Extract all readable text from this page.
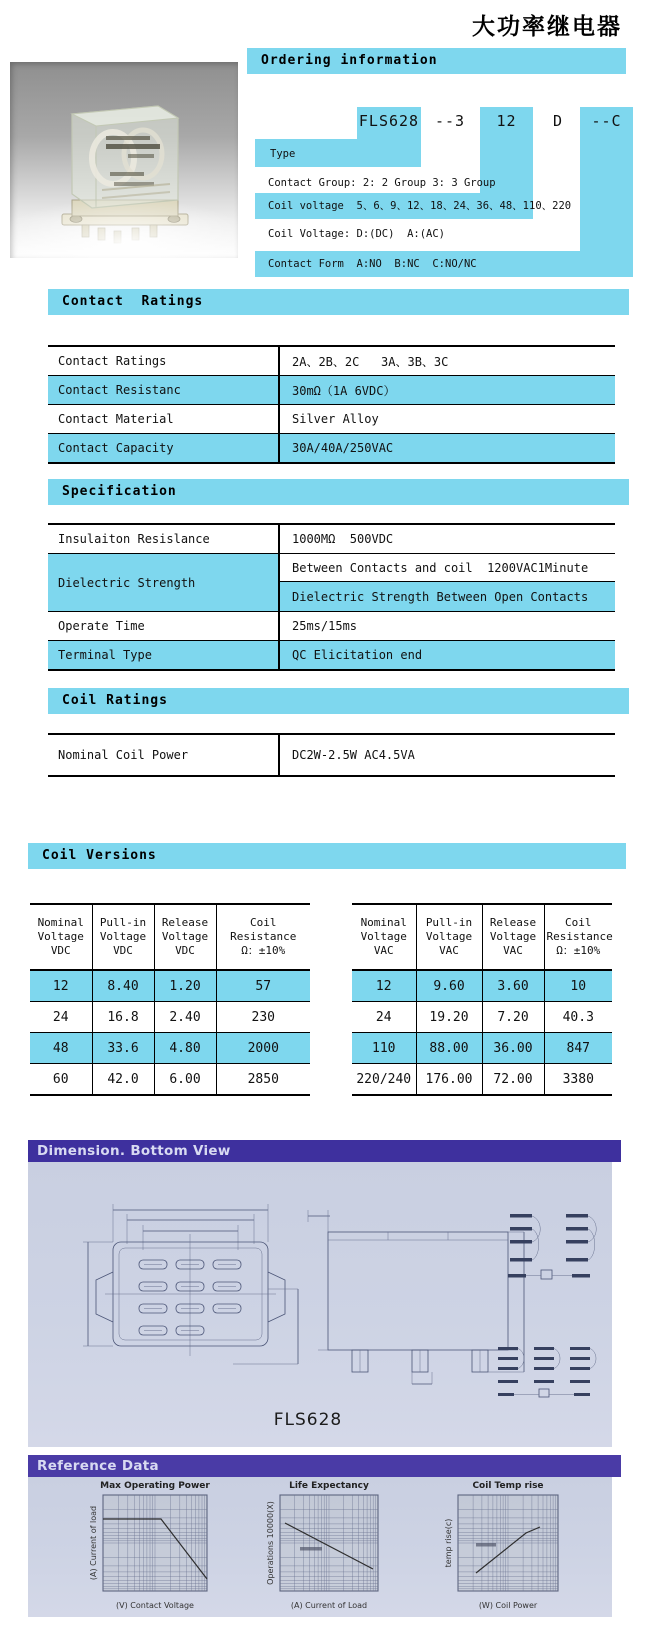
大功率继电器
Ordering information
FLS628	--3	12	D	--C
Type
Contact Group: 2: 2 Group 3: 3 Group
Coil voltage  5、6、9、12、18、24、36、48、110、220
Coil Voltage: D:(DC)  A:(AC)
Contact Form  A:NO  B:NC  C:NO/NC
Contact  Ratings
Contact Ratings	2A、2B、2C   3A、3B、3C
Contact Resistanc	30mΩ（1A 6VDC）
Contact Material	Silver Alloy
Contact Capacity	30A/40A/250VAC
Specification
Insulaiton Resislance	1000MΩ  500VDC
Dielectric Strength	Between Contacts and coil  1200VAC1Minute
	Dielectric Strength Between Open Contacts
Operate Time	25ms/15ms
Terminal Type	QC Elicitation end
Coil Ratings
Nominal Coil Power	DC2W-2.5W AC4.5VA
Coil Versions
Nominal Voltage VDC	Pull-in Voltage VDC	Release Voltage VDC	Coil Resistance Ω：±10%
12	8.40	1.20	57
24	16.8	2.40	230
48	33.6	4.80	2000
60	42.0	6.00	2850
Nominal Voltage VAC	Pull-in Voltage VAC	Release Voltage VAC	Coil Resistance Ω：±10%
12	9.60	3.60	10
24	19.20	7.20	40.3
110	88.00	36.00	847
220/240	176.00	72.00	3380
Dimension. Bottom View
FLS628
Reference Data
Max Operating Power
(A) Current of load
(V) Contact Voltage
Life Expectancy
Operations 10000(X)
(A) Current of Load
Coil Temp rise
temp rise(c)
(W) Coil Power
